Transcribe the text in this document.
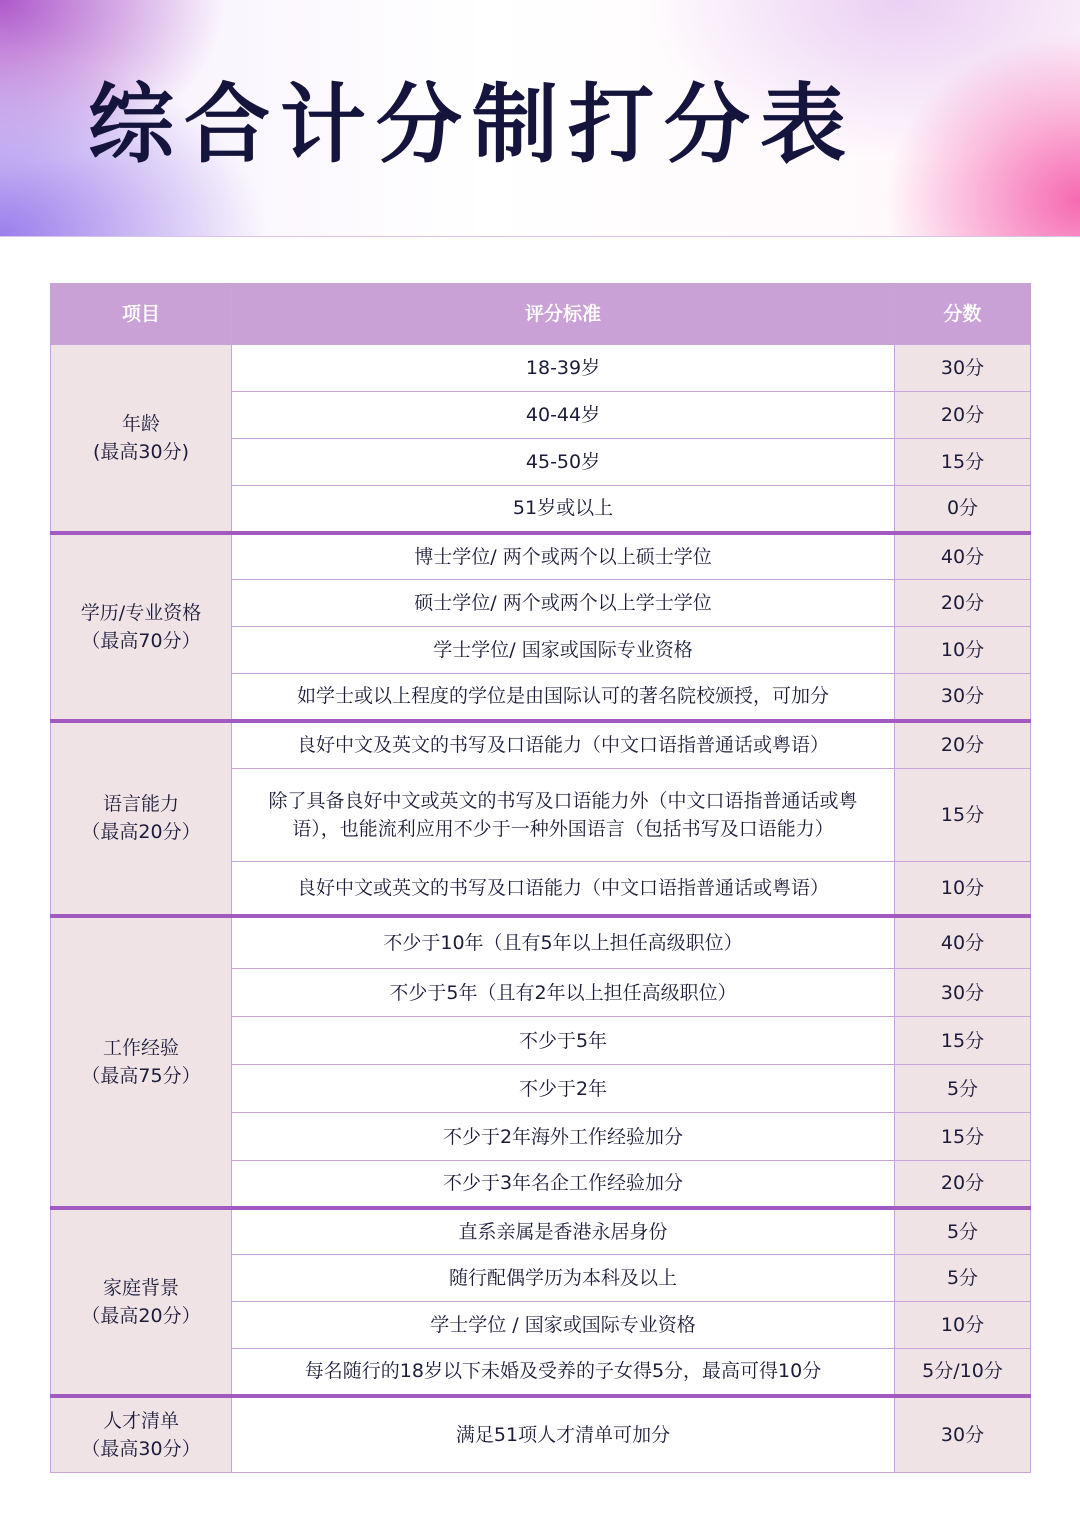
综合计分制打分表
项目	评分标准	分数

年龄
(最高30分)	18-39岁	30分
	40-44岁	20分
	45-50岁	15分
	51岁或以上	0分

学历/专业资格
（最高70分）	博士学位/ 两个或两个以上硕士学位	40分
	硕士学位/ 两个或两个以上学士学位	20分
	学士学位/ 国家或国际专业资格	10分
	如学士或以上程度的学位是由国际认可的著名院校颁授，可加分	30分

语言能力
（最高20分）	良好中文及英文的书写及口语能力（中文口语指普通话或粤语）	20分
	除了具备良好中文或英文的书写及口语能力外（中文口语指普通话或粤语），也能流利应用不少于一种外国语言（包括书写及口语能力）	15分
	良好中文或英文的书写及口语能力（中文口语指普通话或粤语）	10分

工作经验
（最高75分）	不少于10年（且有5年以上担任高级职位）	40分
	不少于5年（且有2年以上担任高级职位）	30分
	不少于5年	15分
	不少于2年	5分
	不少于2年海外工作经验加分	15分
	不少于3年名企工作经验加分	20分

家庭背景
（最高20分）	直系亲属是香港永居身份	5分
	随行配偶学历为本科及以上	5分
	学士学位 / 国家或国际专业资格	10分
	每名随行的18岁以下未婚及受养的子女得5分，最高可得10分	5分/10分

人才清单
（最高30分）	满足51项人才清单可加分	30分
